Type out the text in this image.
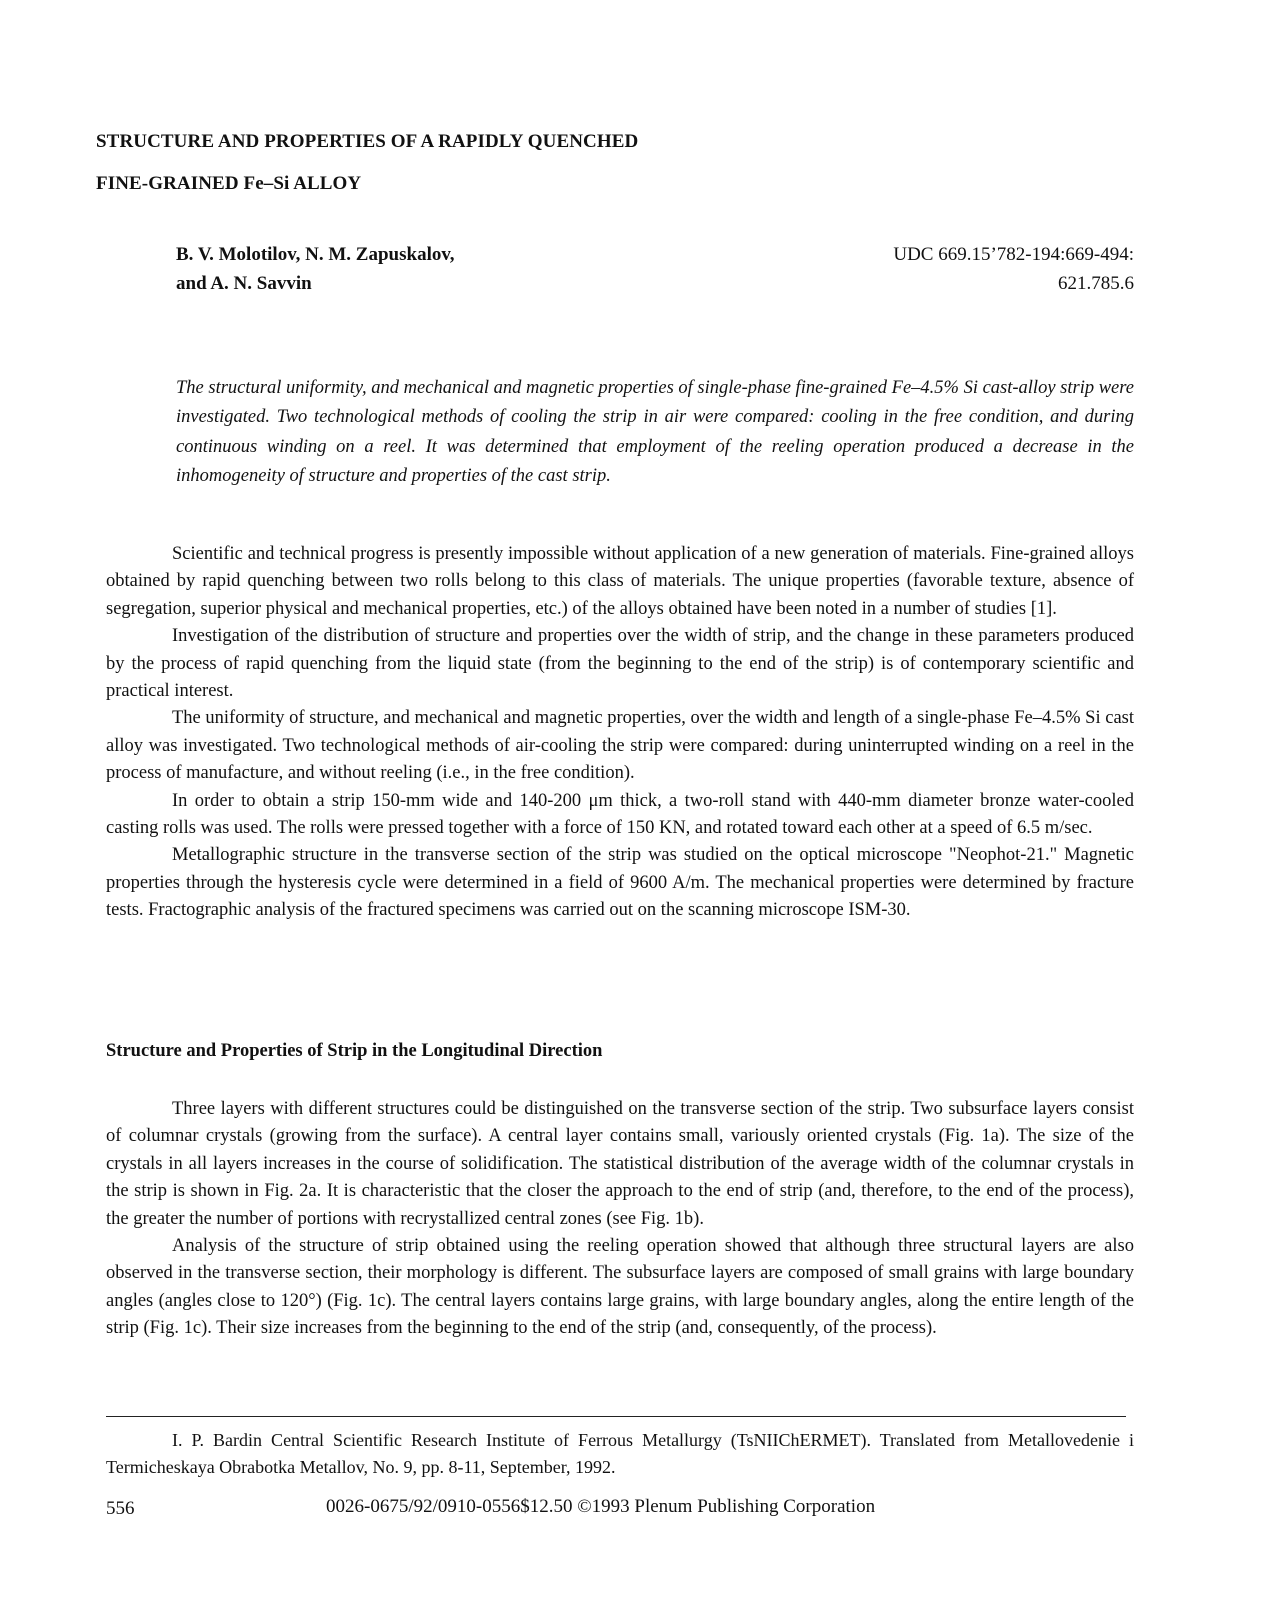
STRUCTURE AND PROPERTIES OF A RAPIDLY QUENCHED
FINE-GRAINED Fe–Si ALLOY
B. V. Molotilov, N. M. Zapuskalov,
and A. N. Savvin
UDC 669.15’782-194:669-494:
621.785.6
The structural uniformity, and mechanical and magnetic properties of single-phase fine-grained Fe–4.5% Si cast-alloy strip were investigated. Two technological methods of cooling the strip in air were compared: cooling in the free condition, and during continuous winding on a reel. It was determined that employment of the reeling operation produced a decrease in the inhomogeneity of structure and properties of the cast strip.

Scientific and technical progress is presently impossible without application of a new generation of materials. Fine-grained alloys obtained by rapid quenching between two rolls belong to this class of materials. The unique properties (favorable texture, absence of segregation, superior physical and mechanical properties, etc.) of the alloys obtained have been noted in a number of studies [1].

Investigation of the distribution of structure and properties over the width of strip, and the change in these parameters produced by the process of rapid quenching from the liquid state (from the beginning to the end of the strip) is of contemporary scientific and practical interest.

The uniformity of structure, and mechanical and magnetic properties, over the width and length of a single-phase Fe–4.5% Si cast alloy was investigated. Two technological methods of air-cooling the strip were compared: during uninterrupted winding on a reel in the process of manufacture, and without reeling (i.e., in the free condition).

In order to obtain a strip 150-mm wide and 140-200 μm thick, a two-roll stand with 440-mm diameter bronze water-cooled casting rolls was used. The rolls were pressed together with a force of 150 KN, and rotated toward each other at a speed of 6.5 m/sec.

Metallographic structure in the transverse section of the strip was studied on the optical microscope "Neophot-21." Magnetic properties through the hysteresis cycle were determined in a field of 9600 A/m. The mechanical properties were determined by fracture tests. Fractographic analysis of the fractured specimens was carried out on the scanning microscope ISM-30.

Structure and Properties of Strip in the Longitudinal Direction

Three layers with different structures could be distinguished on the transverse section of the strip. Two subsurface layers consist of columnar crystals (growing from the surface). A central layer contains small, variously oriented crystals (Fig. 1a). The size of the crystals in all layers increases in the course of solidification. The statistical distribution of the average width of the columnar crystals in the strip is shown in Fig. 2a. It is characteristic that the closer the approach to the end of strip (and, therefore, to the end of the process), the greater the number of portions with recrystallized central zones (see Fig. 1b).

Analysis of the structure of strip obtained using the reeling operation showed that although three structural layers are also observed in the transverse section, their morphology is different. The subsurface layers are composed of small grains with large boundary angles (angles close to 120°) (Fig. 1c). The central layers contains large grains, with large boundary angles, along the entire length of the strip (Fig. 1c). Their size increases from the beginning to the end of the strip (and, consequently, of the process).

I. P. Bardin Central Scientific Research Institute of Ferrous Metallurgy (TsNIIChERMET). Translated from Metallovedenie i Termicheskaya Obrabotka Metallov, No. 9, pp. 8-11, September, 1992.

556	0026-0675/92/0910-0556$12.50 ©1993 Plenum Publishing Corporation
